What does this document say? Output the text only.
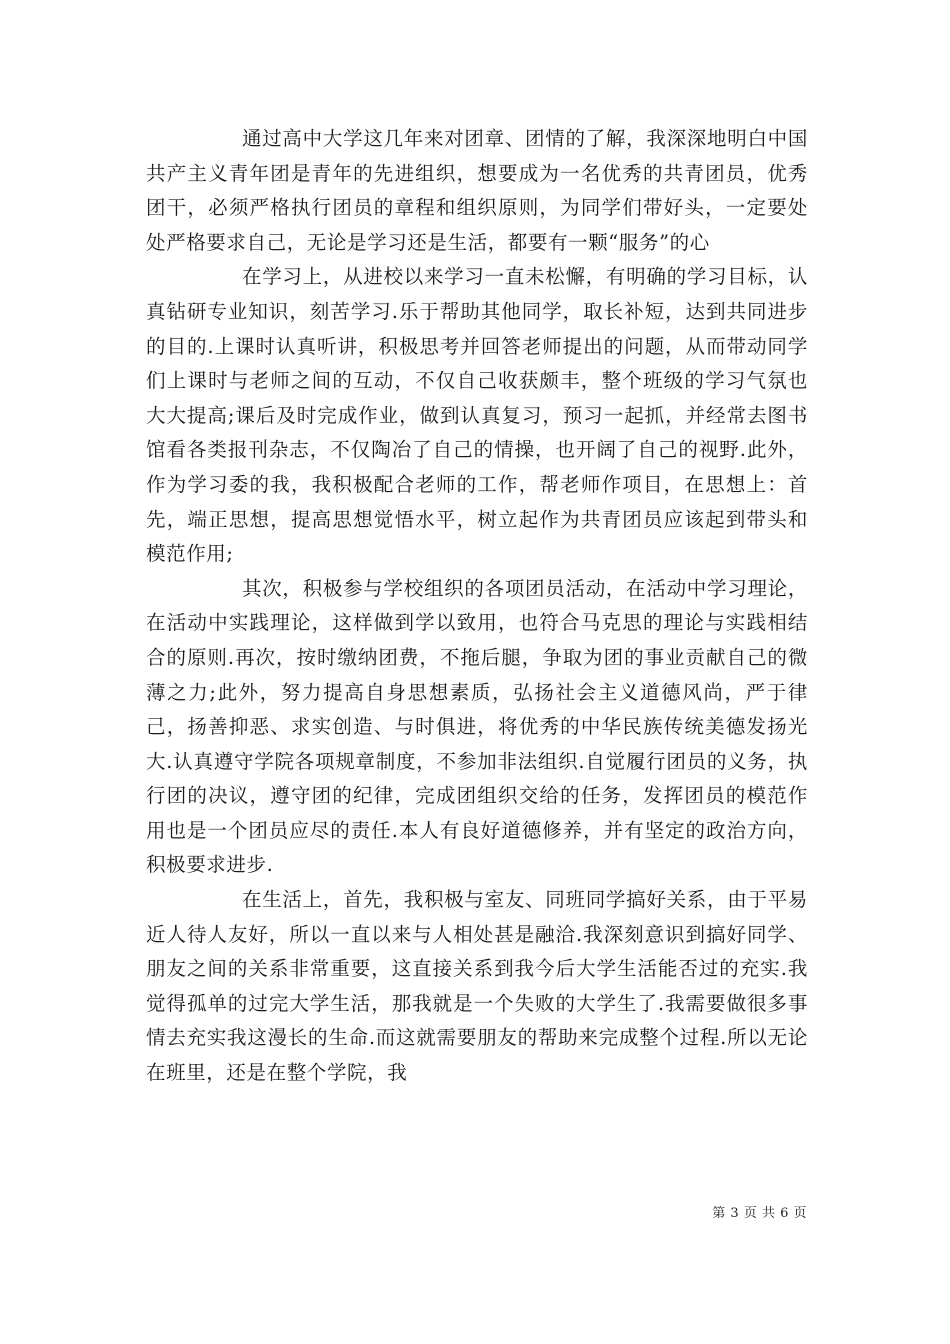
通过高中大学这几年来对团章、团情的了解，我深深地明白中国共产主义青年团是青年的先进组织，想要成为一名优秀的共青团员，优秀团干，必须严格执行团员的章程和组织原则，为同学们带好头，一定要处处严格要求自己，无论是学习还是生活，都要有一颗“服务”的心

在学习上，从进校以来学习一直未松懈，有明确的学习目标，认真钻研专业知识，刻苦学习.乐于帮助其他同学，取长补短，达到共同进步的目的.上课时认真听讲，积极思考并回答老师提出的问题，从而带动同学们上课时与老师之间的互动，不仅自己收获颇丰，整个班级的学习气氛也大大提高;课后及时完成作业，做到认真复习，预习一起抓，并经常去图书馆看各类报刊杂志，不仅陶冶了自己的情操，也开阔了自己的视野.此外，作为学习委的我，我积极配合老师的工作，帮老师作项目，在思想上：首先，端正思想，提高思想觉悟水平，树立起作为共青团员应该起到带头和模范作用;

其次，积极参与学校组织的各项团员活动，在活动中学习理论，在活动中实践理论，这样做到学以致用，也符合马克思的理论与实践相结合的原则.再次，按时缴纳团费，不拖后腿，争取为团的事业贡献自己的微薄之力;此外，努力提高自身思想素质，弘扬社会主义道德风尚，严于律己，扬善抑恶、求实创造、与时俱进，将优秀的中华民族传统美德发扬光大.认真遵守学院各项规章制度，不参加非法组织.自觉履行团员的义务，执行团的决议，遵守团的纪律，完成团组织交给的任务，发挥团员的模范作用也是一个团员应尽的责任.本人有良好道德修养，并有坚定的政治方向，积极要求进步.

在生活上，首先，我积极与室友、同班同学搞好关系，由于平易近人待人友好，所以一直以来与人相处甚是融洽.我深刻意识到搞好同学、朋友之间的关系非常重要，这直接关系到我今后大学生活能否过的充实.我觉得孤单的过完大学生活，那我就是一个失败的大学生了.我需要做很多事情去充实我这漫长的生命.而这就需要朋友的帮助来完成整个过程.所以无论在班里，还是在整个学院，我

第 3 页 共 6 页
